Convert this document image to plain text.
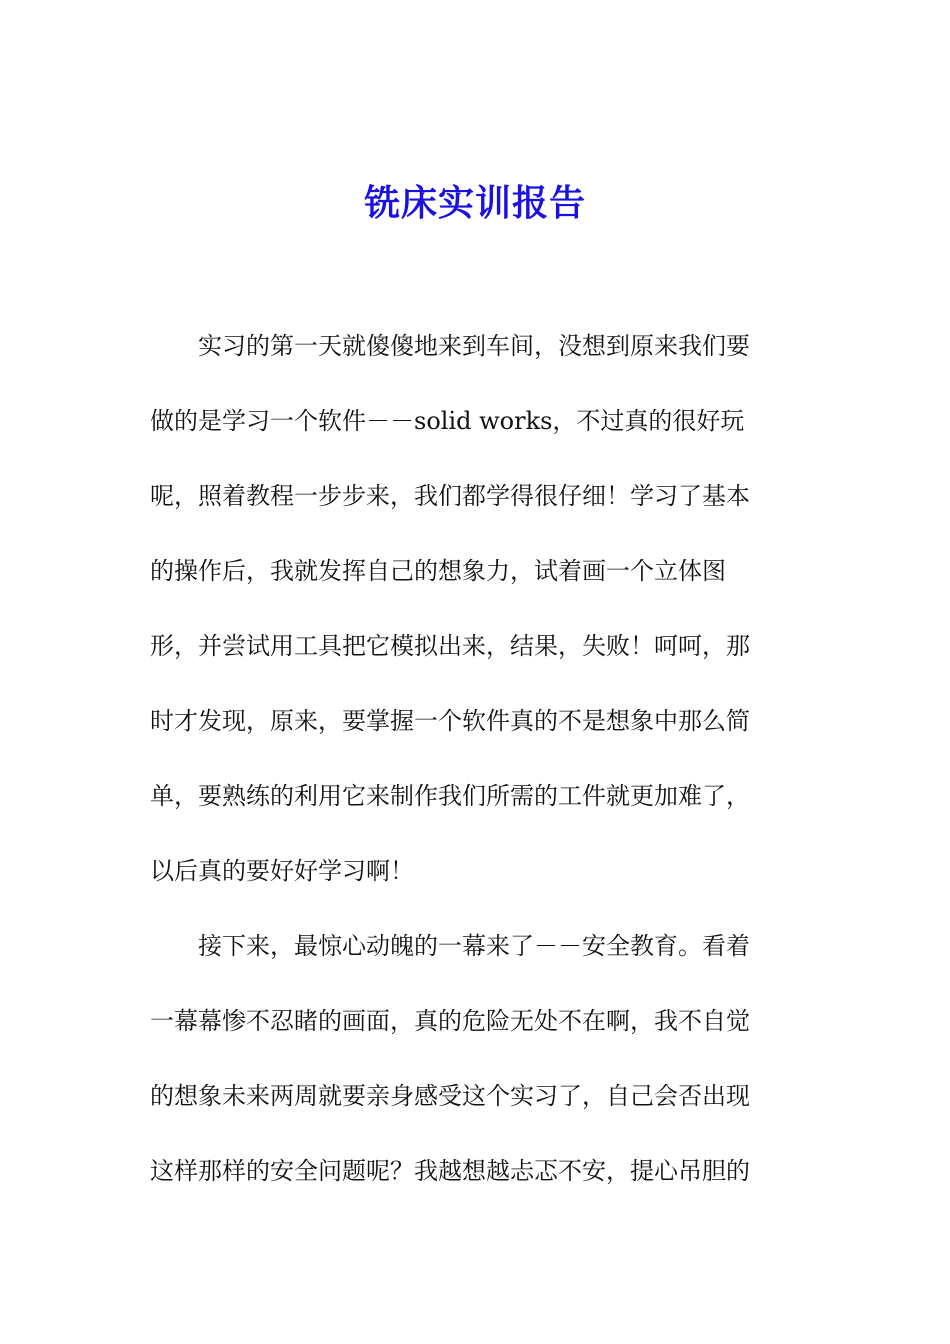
铣床实训报告
　　实习的第一天就傻傻地来到车间，没想到原来我们要
做的是学习一个软件－－solid works，不过真的很好玩
呢，照着教程一步步来，我们都学得很仔细！学习了基本
的操作后，我就发挥自己的想象力，试着画一个立体图
形，并尝试用工具把它模拟出来，结果，失败！呵呵，那
时才发现，原来，要掌握一个软件真的不是想象中那么简
单，要熟练的利用它来制作我们所需的工件就更加难了，
以后真的要好好学习啊！
　　接下来，最惊心动魄的一幕来了－－安全教育。看着
一幕幕惨不忍睹的画面，真的危险无处不在啊，我不自觉
的想象未来两周就要亲身感受这个实习了，自己会否出现
这样那样的安全问题呢？我越想越忐忑不安，提心吊胆的
